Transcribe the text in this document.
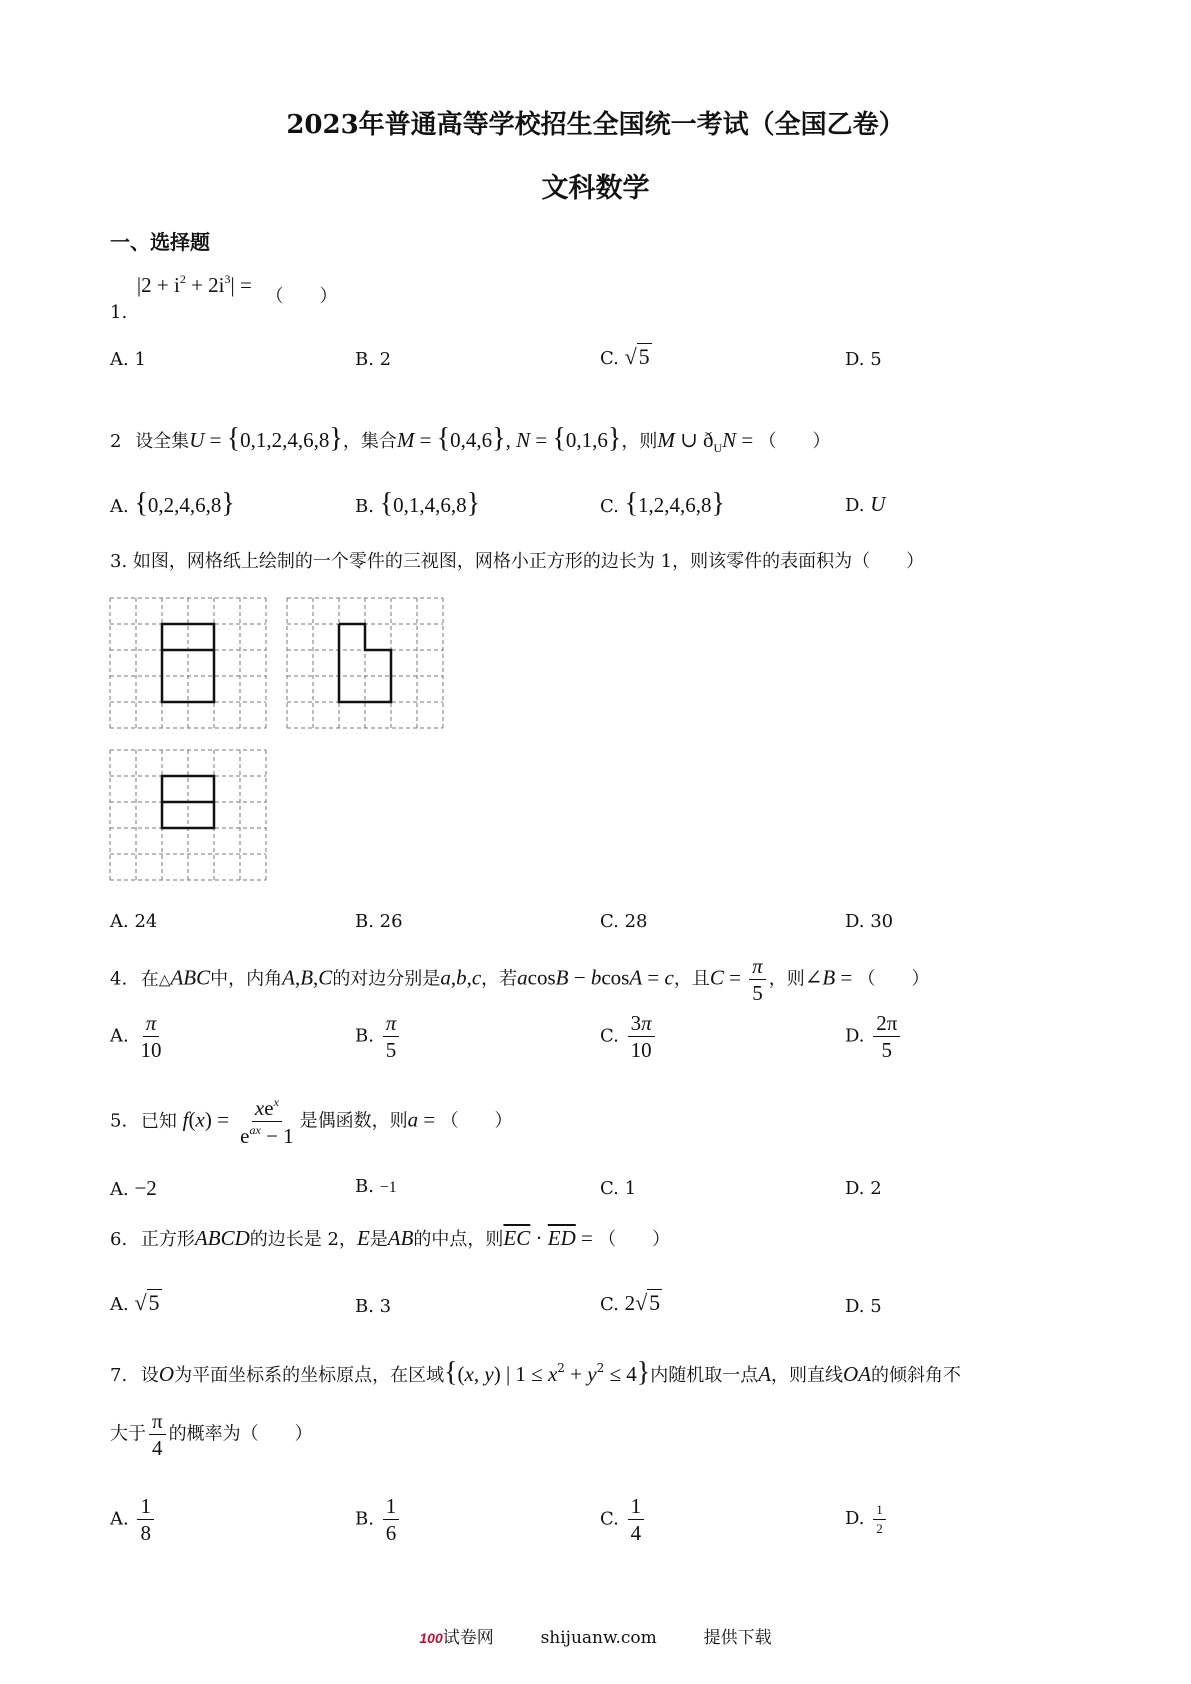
2023年普通高等学校招生全国统一考试（全国乙卷）
文科数学
一、选择题
1. $|2 + i^2 + 2i^3|$ = （　　）
A. 1	B. 2	C. √5	D. 5
2 设全集U = {0,1,2,4,6,8}，集合M = {0,4,6}, N = {0,1,6}，则M ∪ $ð_UN$ = （　　）
A. {0,2,4,6,8}	B. {0,1,4,6,8}	C. {1,2,4,6,8}	D. U
3. 如图，网格纸上绘制的一个零件的三视图，网格小正方形的边长为 1，则该零件的表面积为（　　）
A. 24	B. 26	C. 28	D. 30
4. 在△ABC中，内角A,B,C的对边分别是a,b,c，若acosB − bcosA = c，且$C = \frac{\pi}{5}$ ，则∠B = （　　）
A. $\frac{\pi}{10}$	B. $\frac{\pi}{5}$	C. $\frac{3\pi}{10}$	D. $\frac{2\pi}{5}$
5. 已知 $f(x) = \frac{xe^x}{e^{ax} - 1}$ 是偶函数，则a = （　　）
A. −2	B. −1	C. 1	D. 2
6. 正方形ABCD的边长是 2，E是AB的中点，则$\overline{EC} \cdot \overline{ED}$ = （　　）
A. √5	B. 3	C. 2√5	D. 5
7. 设O为平面坐标系的坐标原点，在区域{(x, y) | $1 \le x^2 + y^2 \le 4$}内随机取一点A，则直线OA的倾斜角不
大于 $\frac{\pi}{4}$ 的概率为（　　）
A. $\frac{1}{8}$	B. $\frac{1}{6}$	C. $\frac{1}{4}$	D. $\frac{1}{2}$
100试卷网	shijuanw.com	提供下载
